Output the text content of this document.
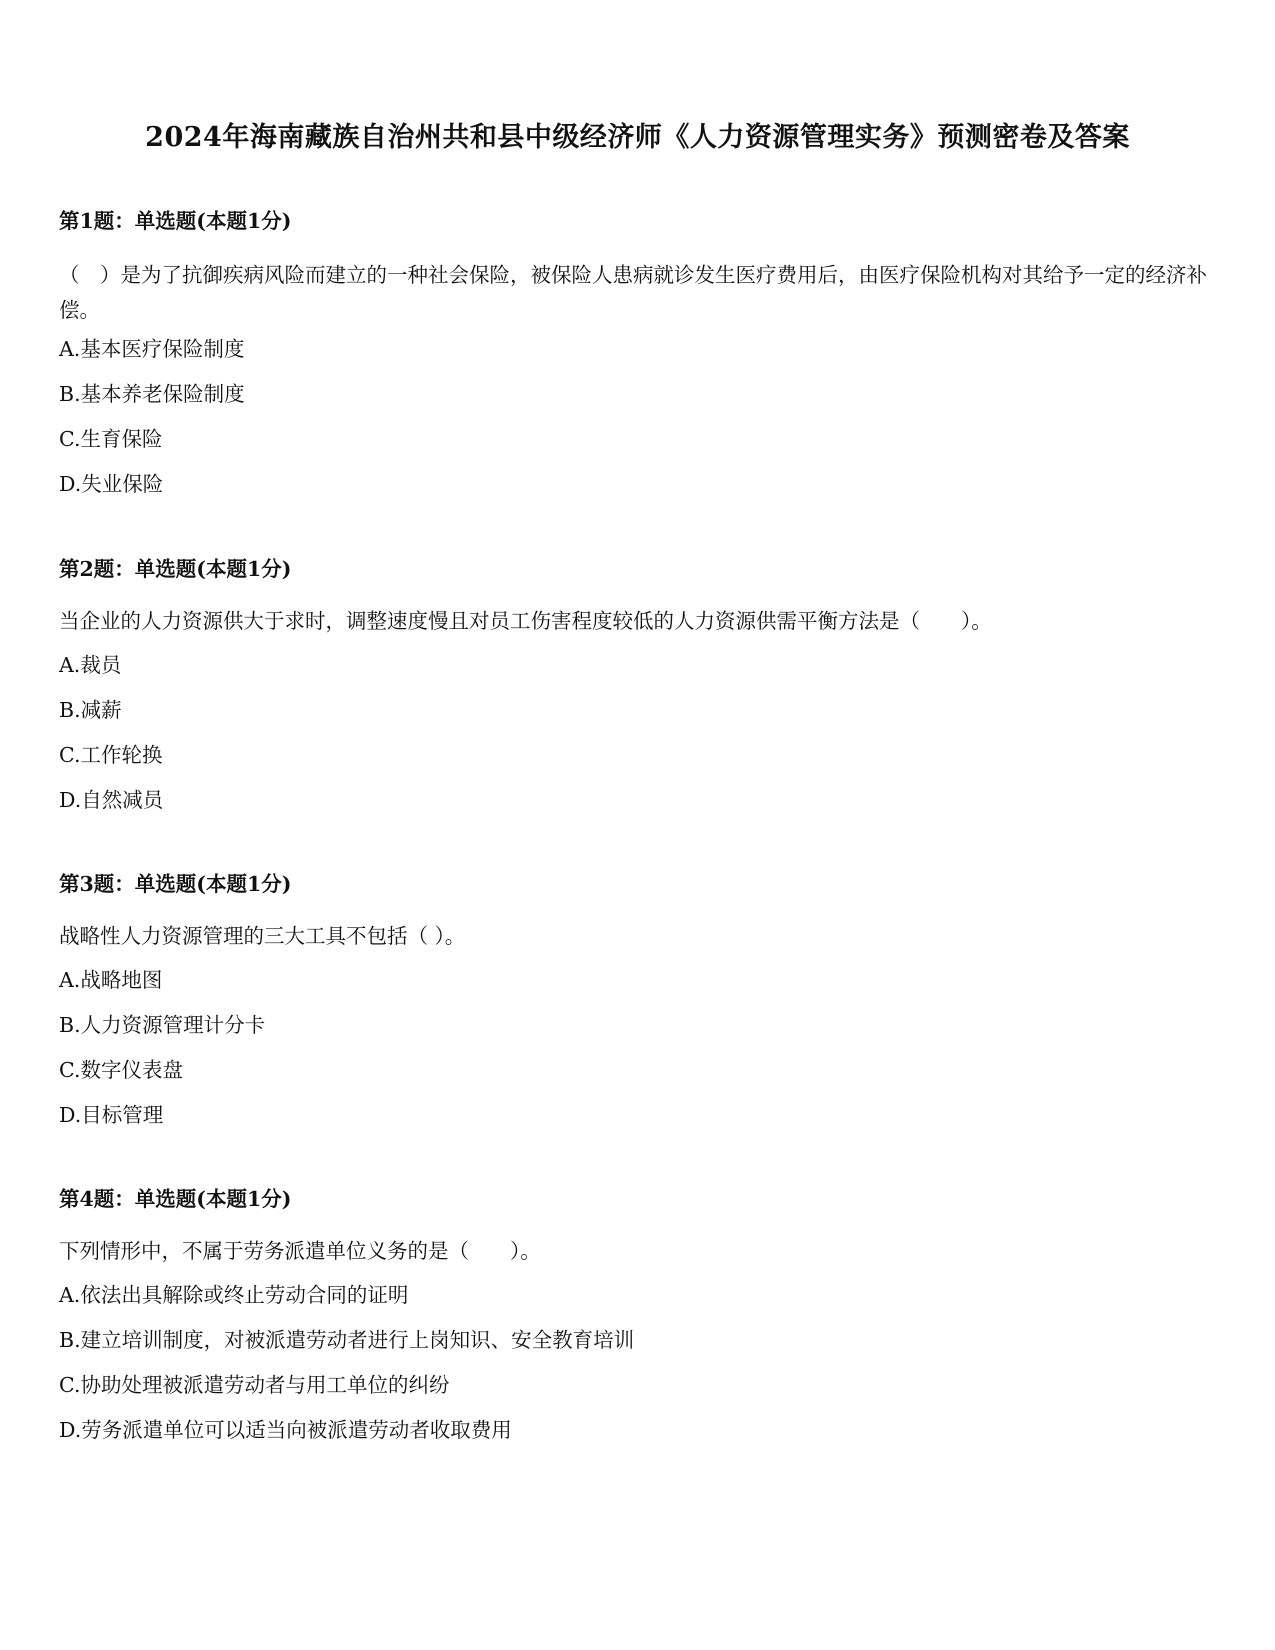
2024年海南藏族自治州共和县中级经济师《人力资源管理实务》预测密卷及答案

第1题：单选题(本题1分)

（　）是为了抗御疾病风险而建立的一种社会保险，被保险人患病就诊发生医疗费用后，由医疗保险机构对其给予一定的经济补偿。

A.基本医疗保险制度

B.基本养老保险制度

C.生育保险

D.失业保险

第2题：单选题(本题1分)

当企业的人力资源供大于求时，调整速度慢且对员工伤害程度较低的人力资源供需平衡方法是（　　）。

A.裁员

B.减薪

C.工作轮换

D.自然减员

第3题：单选题(本题1分)

战略性人力资源管理的三大工具不包括（ ）。

A.战略地图

B.人力资源管理计分卡

C.数字仪表盘

D.目标管理

第4题：单选题(本题1分)

下列情形中，不属于劳务派遣单位义务的是（　　）。

A.依法出具解除或终止劳动合同的证明

B.建立培训制度，对被派遣劳动者进行上岗知识、安全教育培训

C.协助处理被派遣劳动者与用工单位的纠纷

D.劳务派遣单位可以适当向被派遣劳动者收取费用
